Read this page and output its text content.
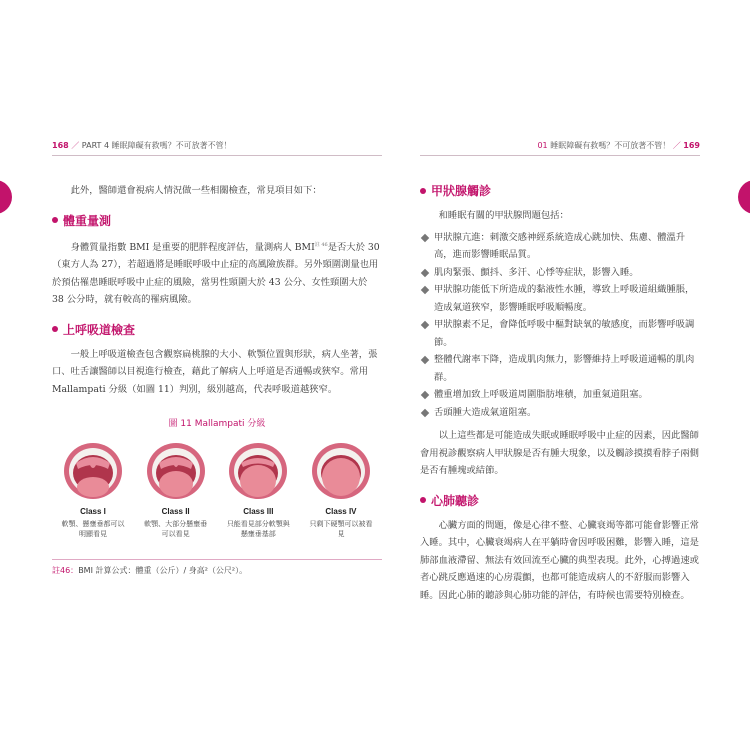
168 ／ PART 4 睡眠障礙有救嗎？不可放著不管！

此外，醫師還會視病人情況做一些相關檢查，常見項目如下：

體重量測

身體質量指數 BMI 是重要的肥胖程度評估，量測病人 $BMI^{註 46}$是否大於 30（東方人為 27），若超過將是睡眠呼吸中止症的高風險族群。另外頸圍測量也用於預估罹患睡眠呼吸中止症的風險，當男性頸圍大於 43 公分、女性頸圍大於 38 公分時，就有較高的罹病風險。

上呼吸道檢查

一般上呼吸道檢查包含觀察扁桃腺的大小、軟顎位置與形狀，病人坐著，張口、吐舌讓醫師以目視進行檢查，藉此了解病人上呼道是否通暢或狹窄。常用 Mallampati 分級（如圖 11）判別，級別越高，代表呼吸道越狹窄。

圖 11 Mallampati 分級
Class I
軟顎、懸壅垂都可以明顯看見
Class II
軟顎、大部分懸壅垂可以看見
Class III
只能看見部分軟顎與懸壅垂基部
Class IV
只剩下硬顎可以被看見
註46：BMI 計算公式：體重（公斤）/ 身高²（公尺²）。
01 睡眠障礙有救嗎？不可放著不管！ ／ 169
甲狀腺觸診

和睡眠有關的甲狀腺問題包括：

甲狀腺亢進：刺激交感神經系統造成心跳加快、焦慮、體溫升高，進而影響睡眠品質。
肌肉緊張、顫抖、多汗、心悸等症狀，影響入睡。
甲狀腺功能低下所造成的黏液性水腫，導致上呼吸道組織腫脹，造成氣道狹窄，影響睡眠呼吸順暢度。
甲狀腺素不足，會降低呼吸中樞對缺氧的敏感度，而影響呼吸調節。
整體代謝率下降，造成肌肉無力，影響維持上呼吸道通暢的肌肉群。
體重增加致上呼吸道周圍脂肪堆積，加重氣道阻塞。
舌頭腫大造成氣道阻塞。

以上這些都是可能造成失眠或睡眠呼吸中止症的因素，因此醫師會用視診觀察病人甲狀腺是否有腫大現象，以及觸診摸摸看脖子兩側是否有腫塊或結節。

心肺聽診

心臟方面的問題，像是心律不整、心臟衰竭等都可能會影響正常入睡。其中，心臟衰竭病人在平躺時會因呼吸困難，影響入睡，這是肺部血液滯留、無法有效回流至心臟的典型表現。此外，心搏過速或者心跳反應過速的心房震顫，也都可能造成病人的不舒服而影響入睡。因此心肺的聽診與心肺功能的評估，有時候也需要特別檢查。
